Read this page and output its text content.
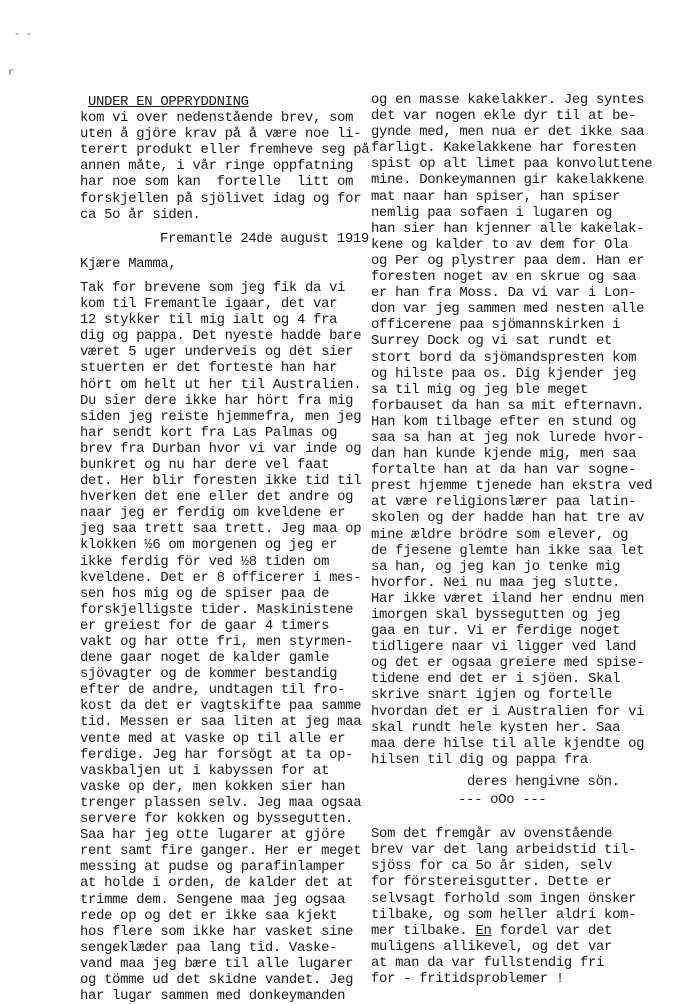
- -
r
UNDER EN OPPRYDDNING
kom vi over nedenstående brev, som
uten å gjöre krav på å være noe li-
terert produkt eller fremheve seg på
annen måte, i vår ringe oppfatning
har noe som kan  fortelle  litt om
forskjellen på sjölivet idag og for
ca 5o år siden.
Fremantle 24de august 1919
Kjære Mamma,
Tak for brevene som jeg fik da vi
kom til Fremantle igaar, det var
12 stykker til mig ialt og 4 fra
dig og pappa. Det nyeste hadde bare
været 5 uger underveis og det sier
stuerten er det forteste han har
hört om helt ut her til Australien.
Du sier dere ikke har hört fra mig
siden jeg reiste hjemmefra, men jeg
har sendt kort fra Las Palmas og
brev fra Durban hvor vi var inde og
bunkret og nu har dere vel faat
det. Her blir foresten ikke tid til
hverken det ene eller det andre og
naar jeg er ferdig om kveldene er
jeg saa trett saa trett. Jeg maa op
klokken ½6 om morgenen og jeg er
ikke ferdig för ved ½8 tiden om
kveldene. Det er 8 officerer i mes-
sen hos mig og de spiser paa de
forskjelligste tider. Maskinistene
er greiest for de gaar 4 timers
vakt og har otte fri, men styrmen-
dene gaar noget de kalder gamle
sjövagter og de kommer bestandig
efter de andre, undtagen til fro-
kost da det er vagtskifte paa samme
tid. Messen er saa liten at jeg maa
vente med at vaske op til alle er
ferdige. Jeg har forsögt at ta op-
vaskbaljen ut i kabyssen for at
vaske op der, men kokken sier han
trenger plassen selv. Jeg maa ogsaa
servere for kokken og byssegutten.
Saa har jeg otte lugarer at gjöre
rent samt fire ganger. Her er meget
messing at pudse og parafinlamper
at holde i orden, de kalder det at
trimme dem. Sengene maa jeg ogsaa
rede op og det er ikke saa kjekt
hos flere som ikke har vasket sine
sengeklæder paa lang tid. Vaske-
vand maa jeg bære til alle lugarer
og tömme ud det skidne vandet. Jeg
har lugar sammen med donkeymanden
og en masse kakelakker. Jeg syntes
det var nogen ekle dyr til at be-
gynde med, men nua er det ikke saa
farligt. Kakelakkene har foresten
spist op alt limet paa konvoluttene
mine. Donkeymannen gir kakelakkene
mat naar han spiser, han spiser
nemlig paa sofaen i lugaren og
han sier han kjenner alle kakelak-
kene og kalder to av dem for Ola
og Per og plystrer paa dem. Han er
foresten noget av en skrue og saa
er han fra Moss. Da vi var i Lon-
don var jeg sammen med nesten alle
officerene paa sjömannskirken i
Surrey Dock og vi sat rundt et
stort bord da sjömandspresten kom
og hilste paa os. Dig kjender jeg
sa til mig og jeg ble meget
forbauset da han sa mit efternavn.
Han kom tilbage efter en stund og
saa sa han at jeg nok lurede hvor-
dan han kunde kjende mig, men saa
fortalte han at da han var sogne-
prest hjemme tjenede han ekstra ved
at være religionslærer paa latin-
skolen og der hadde han hat tre av
mine ældre brödre som elever, og
de fjesene glemte han ikke saa let
sa han, og jeg kan jo tenke mig
hvorfor. Nei nu maa jeg slutte.
Har ikke været iland her endnu men
imorgen skal byssegutten og jeg
gaa en tur. Vi er ferdige noget
tidligere naar vi ligger ved land
og det er ogsaa greiere med spise-
tidene end det er i sjöen. Skal
skrive snart igjen og fortelle
hvordan det er i Australien for vi
skal rundt hele kysten her. Saa
maa dere hilse til alle kjendte og
hilsen til dig og pappa fra
deres hengivne sön.
--- oOo ---
Som det fremgår av ovenstående
brev var det lang arbeidstid til-
sjöss for ca 5o år siden, selv
for förstereisgutter. Dette er
selvsagt forhold som ingen önsker
tilbake, og som heller aldri kom-
mer tilbake. En fordel var det
muligens allikevel, og det var
at man da var fullstendig fri
for - fritidsproblemer !
